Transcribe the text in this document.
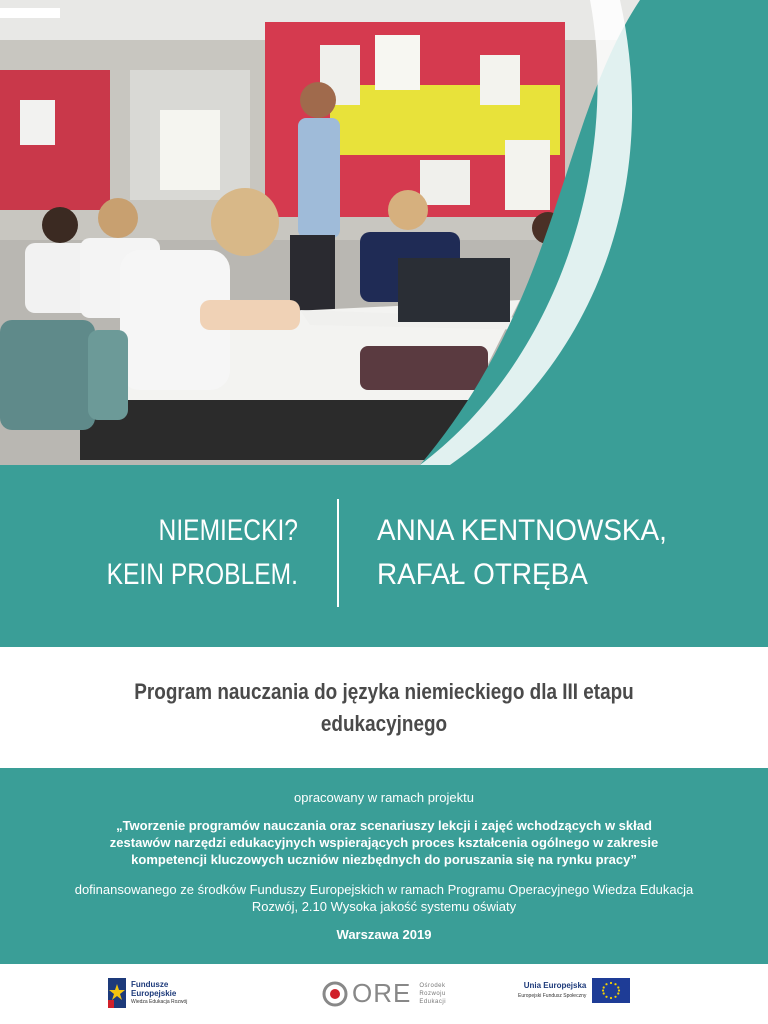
NIEMIECKI?
KEIN PROBLEM.
ANNA KENTNOWSKA,
RAFAŁ OTRĘBA
Program nauczania do języka niemieckiego dla III etapu edukacyjnego
opracowany w ramach projektu
„Tworzenie programów nauczania oraz scenariuszy lekcji i zajęć wchodzących w skład zestawów narzędzi edukacyjnych wspierających proces kształcenia ogólnego w zakresie kompetencji kluczowych uczniów niezbędnych do poruszania się na rynku pracy”
dofinansowanego ze środków Funduszy Europejskich w ramach Programu Operacyjnego Wiedza Edukacja Rozwój, 2.10 Wysoka jakość systemu oświaty
Warszawa 2019
Fundusze
Europejskie
Wiedza Edukacja Rozwój	ORE Ośrodek
Rozwoju
Edukacji
Unia Europejska
Europejski Fundusz Społeczny
